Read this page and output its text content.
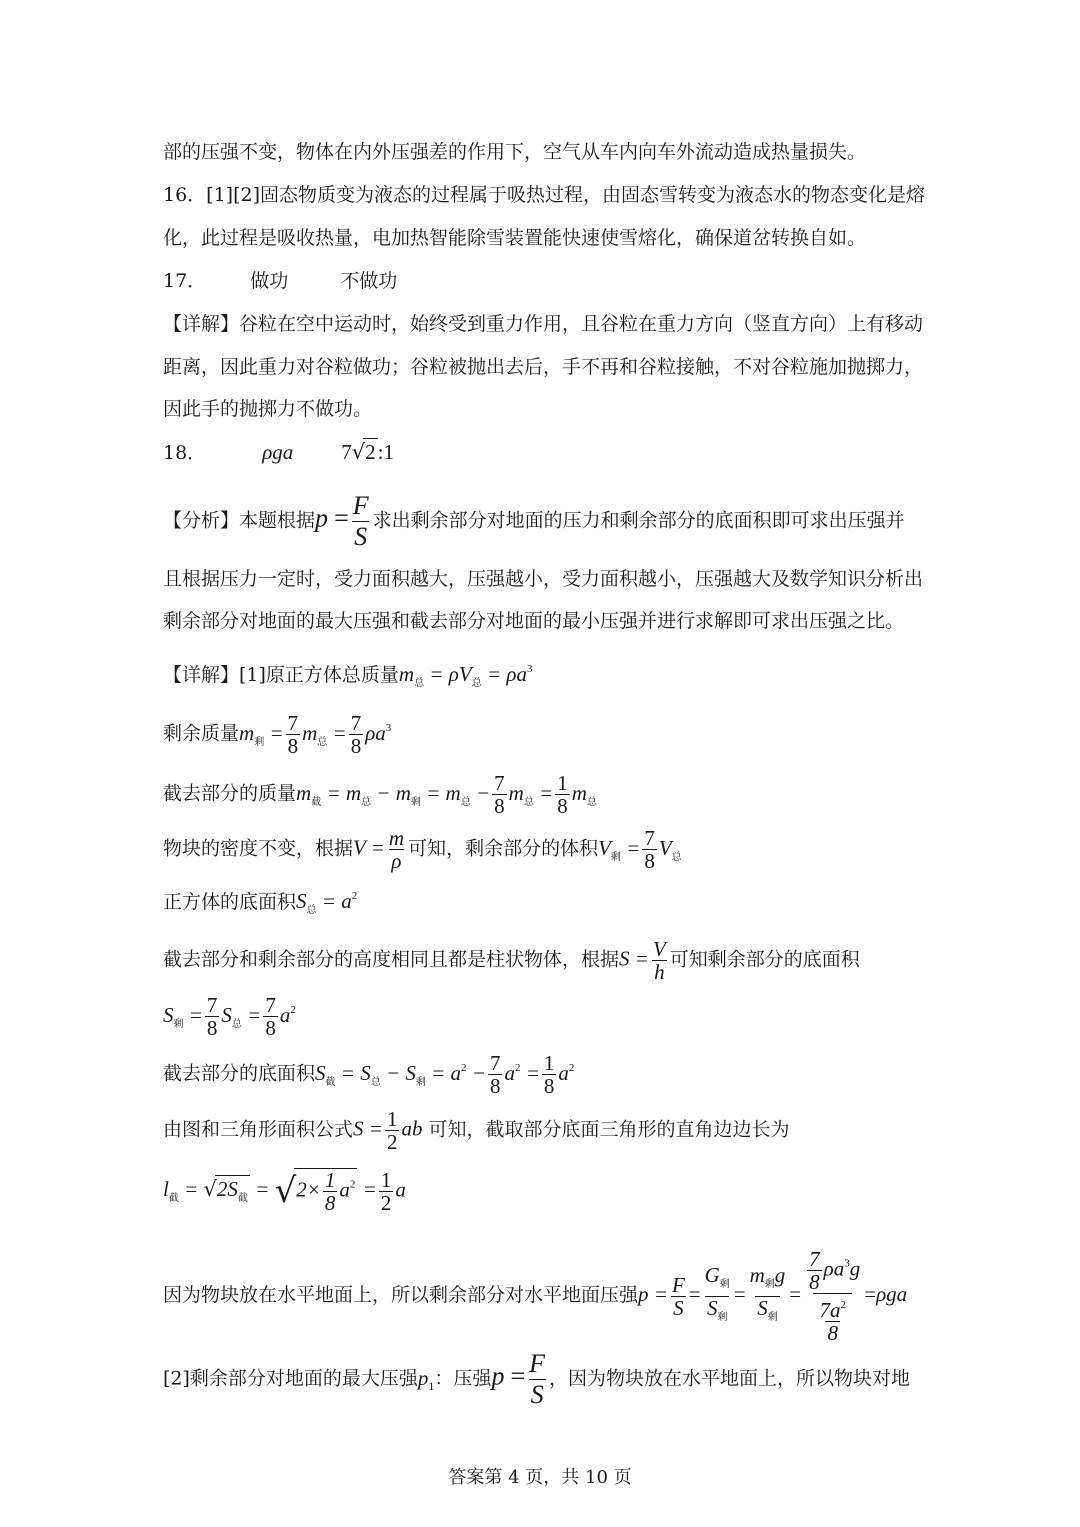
部的压强不变，物体在内外压强差的作用下，空气从车内向车外流动造成热量损失。
16．[1][2]固态物质变为液态的过程属于吸热过程，由固态雪转变为液态水的物态变化是熔
化，此过程是吸收热量，电加热智能除雪装置能快速使雪熔化，确保道岔转换自如。
17． 做功	不做功
【详解】谷粒在空中运动时，始终受到重力作用，且谷粒在重力方向（竖直方向）上有移动
距离，因此重力对谷粒做功；谷粒被抛出去后，手不再和谷粒接触，不对谷粒施加抛掷力，
因此手的抛掷力不做功。
18．	ρga 7√2:1
【分析】本题根据$p = \frac{F}{S}$ 求出剩余部分对地面的压力和剩余部分的底面积即可求出压强并
且根据压力一定时，受力面积越大，压强越小，受力面积越小，压强越大及数学知识分析出
剩余部分对地面的最大压强和截去部分对地面的最小压强并进行求解即可求出压强之比。
【详解】[1]原正方体总质量$m_总 = \rho V_总 = \rho a^3$
剩余质量$m_剩 = \frac{7}{8} m_总 = \frac{7}{8} \rho a^3$
截去部分的质量$m_截 = m_总 - m_剩 = m_总 - \frac{7}{8} m_总 = \frac{1}{8} m_总$
物块的密度不变，根据$V = \frac{m}{\rho}$ 可知，剩余部分的体积$V_剩 = \frac{7}{8} V_总$
正方体的底面积$S_总 = a^2$
截去部分和剩余部分的高度相同且都是柱状物体，根据$S = \frac{V}{h}$ 可知剩余部分的底面积
$S_剩 = \frac{7}{8} S_总 = \frac{7}{8} a^2$
截去部分的底面积$S_截 = S_总 - S_剩 = a^2 - \frac{7}{8} a^2 = \frac{1}{8} a^2$
由图和三角形面积公式$S = \frac{1}{2}$ ab 可知，截取部分底面三角形的直角边边长为
$l_截 = √2S_截 = √2\times \frac{1}{8} a^2 = \frac{1}{2}$ a
因为物块放在水平地面上，所以剩余部分对水平地面压强$p = \frac{F}{S} = \frac{G_剩}{S_剩} = \frac{m_剩g}{S_剩} = \frac{\frac{7}{8} \rho a^3g}{\frac{7a^2}{8}} =\rho ga$
[2]剩余部分对地面的最大压强$p_1$：压强$p = \frac{F}{S}$ ，因为物块放在水平地面上，所以物块对地
答案第 4 页，共 10 页
